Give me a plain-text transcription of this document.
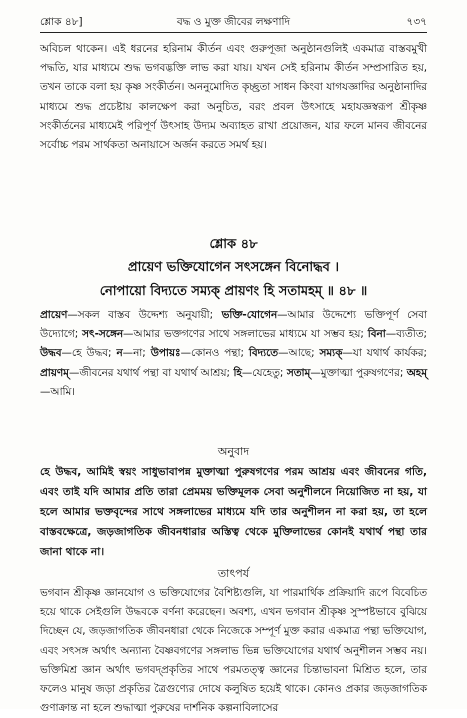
শ্লোক ৪৮]	বদ্ধ ও মুক্ত জীবের লক্ষণাদি	৭৩৭

অবিচল থাকেন। এই ধরনের হরিনাম কীর্তন এবং গুরুপূজা অনুষ্ঠানগুলিই একমাত্র বাস্তবমুখী পদ্ধতি, যার মাধ্যমে শুদ্ধ ভগবদ্ভক্তি লাভ করা যায়। যখন সেই হরিনাম কীর্তন সম্প্রসারিত হয়, তখন তাকে বলা হয় কৃষ্ণ সংকীর্তন। অননুমোদিত কৃচ্ছ্রতা সাধন কিংবা যাগযজ্ঞাদির অনুষ্ঠানাদির মাধ্যমে শুদ্ধ প্রচেষ্টায় কালক্ষেপ করা অনুচিত, বরং প্রবল উৎসাহে মহাযজ্ঞস্বরূপ শ্রীকৃষ্ণ সংকীর্তনের মাধ্যমেই পরিপূর্ণ উৎসাহ উদ্যম অব্যাহত রাখা প্রয়োজন, যার ফলে মানব জীবনের সর্বোচ্চ পরম সার্থকতা অনায়াসে অর্জন করতে সমর্থ হয়।

শ্লোক ৪৮

প্রায়েণ ভক্তিযোগেন সৎসঙ্গেন বিনোদ্ধব ।

নোপায়ো বিদ্যতে সম্যক্ প্রায়ণং হি সতামহম্ ॥ ৪৮ ॥

প্রায়েণ—সকল বাস্তব উদ্দেশ্য অনুযায়ী; ভক্তি-যোগেন—আমার উদ্দেশ্যে ভক্তিপূর্ণ সেবা উদ্যোগে; সৎ-সঙ্গেন—আমার ভক্তগণের সাথে সঙ্গলাভের মাধ্যমে যা সম্ভব হয়; বিনা—ব্যতীত; উদ্ধব—হে উদ্ধব; ন—না; উপায়ঃ—কোনও পন্থা; বিদ্যতে—আছে; সম্যক্—যা যথার্থ কার্যকর; প্রায়ণম্—জীবনের যথার্থ পন্থা বা যথার্থ আশ্রয়; হি—যেহেতু; সতাম্—মুক্তাত্মা পুরুষগণের; অহম্—আমি।

অনুবাদ

হে উদ্ধব, আমিই স্বয়ং সাধুভাবাপন্ন মুক্তাত্মা পুরুষগণের পরম আশ্রয় এবং জীবনের গতি, এবং তাই যদি আমার প্রতি তারা প্রেমময় ভক্তিমূলক সেবা অনুশীলনে নিয়োজিত না হয়, যা হলে আমার ভক্তবৃন্দের সাথে সঙ্গলাভের মাধ্যমে যদি তার অনুশীলন না করা হয়, তা হলে বাস্তবক্ষেত্রে, জড়জাগতিক জীবনধারার অস্তিত্ব থেকে মুক্তিলাভের কোনই যথার্থ পন্থা তার জানা থাকে না।

তাৎপর্য

ভগবান শ্রীকৃষ্ণ জ্ঞানযোগ ও ভক্তিযোগের বৈশিষ্ট্যগুলি, যা পারমার্থিক প্রক্রিয়াদি রূপে বিবেচিত হয়ে থাকে সেইগুলি উদ্ধবকে বর্ণনা করেছেন। অবশ্য, এখন ভগবান শ্রীকৃষ্ণ সুস্পষ্টভাবে বুঝিয়ে দিচ্ছেন যে, জড়জাগতিক জীবনধারা থেকে নিজেকে সম্পূর্ণ মুক্ত করার একমাত্র পন্থা ভক্তিযোগ, এবং সৎসঙ্গ অর্থাৎ অন্যান্য বৈষ্ণবগণের সঙ্গলাভ ভিন্ন ভক্তিযোগের যথার্থ অনুশীলন সম্ভব নয়। ভক্তিমিশ্র জ্ঞান অর্থাৎ ভগবদ্প্রকৃতির সাথে পরমতত্ত্ব জ্ঞানের চিন্তাভাবনা মিশ্রিত হলে, তার ফলেও মানুষ জড়া প্রকৃতির ত্রৈগুণ্যের দোষে কলুষিত হয়েই থাকে। কোনও প্রকার জড়জাগতিক গুণাক্রান্ত না হলে শুদ্ধাত্মা পুরুষের দার্শনিক কল্পনাবিলাসের
